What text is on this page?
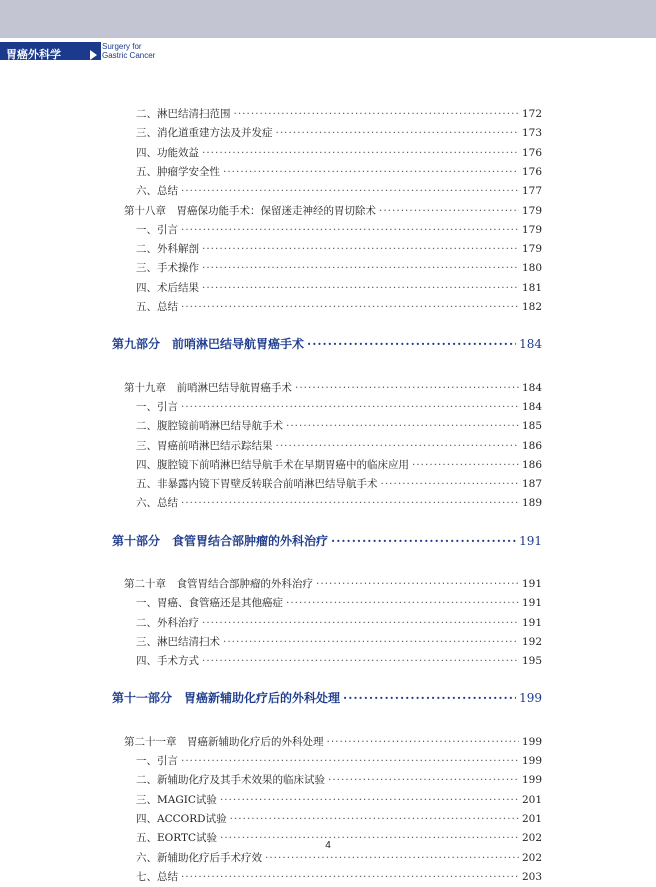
胃癌外科学
Surgery for
Gastric Cancer
二、淋巴结清扫范围 ·····	172
三、消化道重建方法及并发症 ·····	173
四、功能效益 ·····	176
五、肿瘤学安全性 ·····	176
六、总结 ·····	177
第十八章　胃癌保功能手术：保留迷走神经的胃切除术 ·····	179
一、引言 ·····	179
二、外科解剖 ·····	179
三、手术操作 ·····	180
四、术后结果 ·····	181
五、总结 ·····	182
第九部分　前哨淋巴结导航胃癌手术 ·····	184
第十九章　前哨淋巴结导航胃癌手术 ·····	184
一、引言 ·····	184
二、腹腔镜前哨淋巴结导航手术 ·····	185
三、胃癌前哨淋巴结示踪结果 ·····	186
四、腹腔镜下前哨淋巴结导航手术在早期胃癌中的临床应用 ·····	186
五、非暴露内镜下胃壁反转联合前哨淋巴结导航手术 ·····	187
六、总结 ·····	189
第十部分　食管胃结合部肿瘤的外科治疗 ·····	191
第二十章　食管胃结合部肿瘤的外科治疗 ·····	191
一、胃癌、食管癌还是其他癌症 ·····	191
二、外科治疗 ·····	191
三、淋巴结清扫术 ·····	192
四、手术方式 ·····	195
第十一部分　胃癌新辅助化疗后的外科处理 ·····	199
第二十一章　胃癌新辅助化疗后的外科处理 ·····	199
一、引言 ·····	199
二、新辅助化疗及其手术效果的临床试验 ·····	199
三、MAGIC试验 ·····	201
四、ACCORD试验 ·····	201
五、EORTC试验 ·····	202
六、新辅助化疗后手术疗效 ·····	202
七、总结 ·····	203
4
